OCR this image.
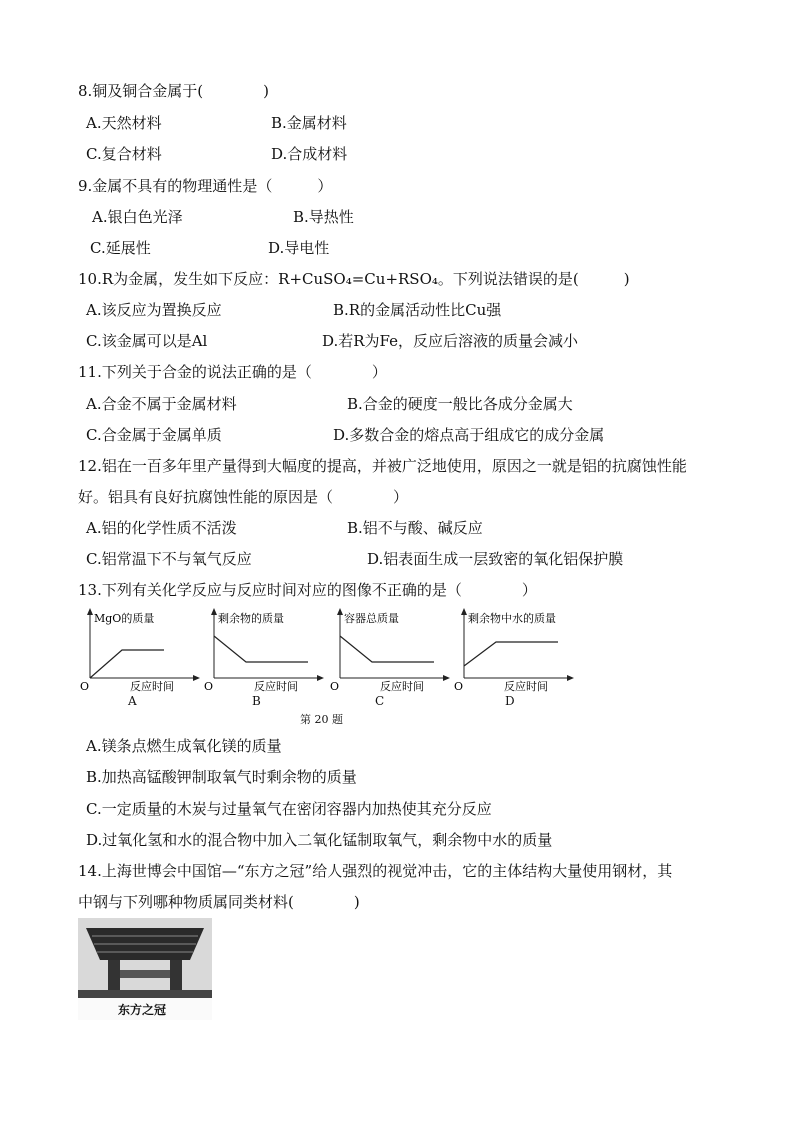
8.铜及铜合金属于(　　　　)
A.天然材料	B.金属材料
C.复合材料	D.合成材料
9.金属不具有的物理通性是（　　　）
A.银白色光泽	B.导热性
C.延展性	D.导电性
10.R为金属，发生如下反应：R+CuSO₄=Cu+RSO₄。下列说法错误的是(　　　)
A.该反应为置换反应	B.R的金属活动性比Cu强
C.该金属可以是Al	D.若R为Fe，反应后溶液的质量会减小
11.下列关于合金的说法正确的是（　　　　）
A.合金不属于金属材料	B.合金的硬度一般比各成分金属大
C.合金属于金属单质	D.多数合金的熔点高于组成它的成分金属
12.铝在一百多年里产量得到大幅度的提高，并被广泛地使用，原因之一就是铝的抗腐蚀性能
好。铝具有良好抗腐蚀性能的原因是（　　　　）
A.铝的化学性质不活泼	B.铝不与酸、碱反应
C.铝常温下不与氧气反应	D.铝表面生成一层致密的氧化铝保护膜
13.下列有关化学反应与反应时间对应的图像不正确的是（　　　　）
MgO的质量
O	反应时间
A
剩余物的质量
O	反应时间
B
容器总质量
O	反应时间
C
剩余物中水的质量
O	反应时间
D
第 20 题
A.镁条点燃生成氧化镁的质量
B.加热高锰酸钾制取氧气时剩余物的质量
C.一定质量的木炭与过量氧气在密闭容器内加热使其充分反应
D.过氧化氢和水的混合物中加入二氧化锰制取氧气，剩余物中水的质量
14.上海世博会中国馆—“东方之冠”给人强烈的视觉冲击，它的主体结构大量使用钢材，其
中钢与下列哪种物质属同类材料(　　　　)
东方之冠
